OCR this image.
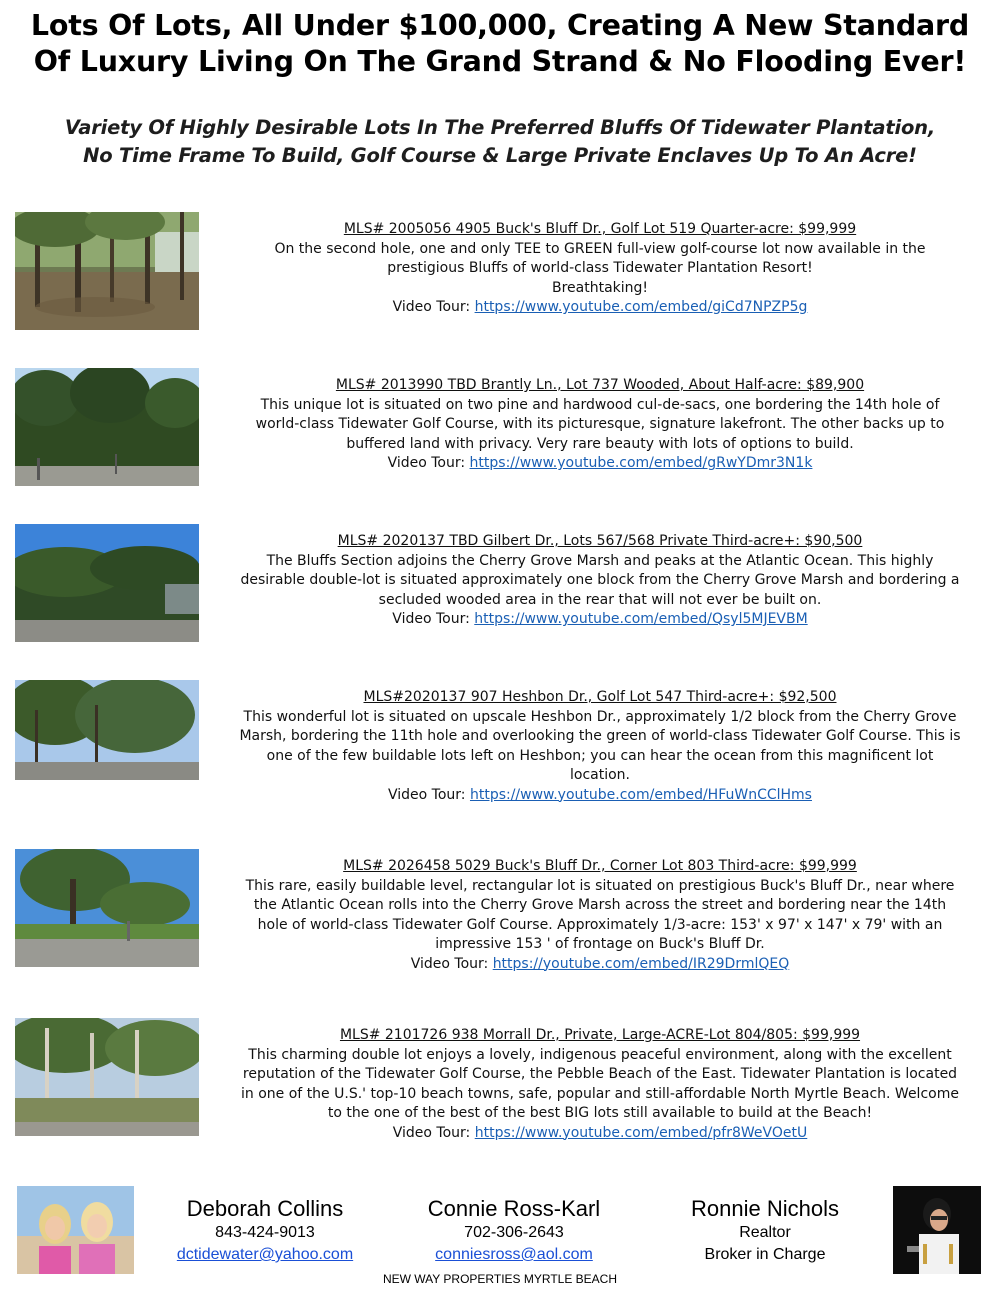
Lots Of Lots, All Under $100,000, Creating A New Standard
Of Luxury Living On The Grand Strand & No Flooding Ever!
Variety Of Highly Desirable Lots In The Preferred Bluffs Of Tidewater Plantation,
No Time Frame To Build, Golf Course & Large Private Enclaves Up To An Acre!
MLS# 2005056 4905 Buck's Bluff Dr., Golf Lot 519 Quarter-acre: $99,999
On the second hole, one and only TEE to GREEN full-view golf-course lot now available in the
prestigious Bluffs of world-class Tidewater Plantation Resort!
Breathtaking!
Video Tour: https://www.youtube.com/embed/giCd7NPZP5g
MLS# 2013990 TBD Brantly Ln., Lot 737 Wooded, About Half-acre: $89,900
This unique lot is situated on two pine and hardwood cul-de-sacs, one bordering the 14th hole of
world-class Tidewater Golf Course, with its picturesque, signature lakefront. The other backs up to
buffered land with privacy. Very rare beauty with lots of options to build.
Video Tour: https://www.youtube.com/embed/gRwYDmr3N1k
MLS# 2020137 TBD Gilbert Dr., Lots 567/568 Private Third-acre+: $90,500
The Bluffs Section adjoins the Cherry Grove Marsh and peaks at the Atlantic Ocean. This highly
desirable double-lot is situated approximately one block from the Cherry Grove Marsh and bordering a
secluded wooded area in the rear that will not ever be built on.
Video Tour: https://www.youtube.com/embed/Qsyl5MJEVBM
MLS#2020137 907 Heshbon Dr., Golf Lot 547 Third-acre+: $92,500
This wonderful lot is situated on upscale Heshbon Dr., approximately 1/2 block from the Cherry Grove
Marsh, bordering the 11th hole and overlooking the green of world-class Tidewater Golf Course. This is
one of the few buildable lots left on Heshbon; you can hear the ocean from this magnificent lot
location.
Video Tour: https://www.youtube.com/embed/HFuWnCClHms
MLS# 2026458 5029 Buck's Bluff Dr., Corner Lot 803 Third-acre: $99,999
This rare, easily buildable level, rectangular lot is situated on prestigious Buck's Bluff Dr., near where
the Atlantic Ocean rolls into the Cherry Grove Marsh across the street and bordering near the 14th
hole of world-class Tidewater Golf Course. Approximately 1/3-acre: 153' x 97' x 147' x 79' with an
impressive 153 ' of frontage on Buck's Bluff Dr.
Video Tour: https://youtube.com/embed/IR29DrmlQEQ
MLS# 2101726 938 Morrall Dr., Private, Large-ACRE-Lot 804/805: $99,999
This charming double lot enjoys a lovely, indigenous peaceful environment, along with the excellent
reputation of the Tidewater Golf Course, the Pebble Beach of the East. Tidewater Plantation is located
in one of the U.S.' top-10 beach towns, safe, popular and still-affordable North Myrtle Beach. Welcome
to the one of the best of the best BIG lots still available to build at the Beach!
Video Tour: https://www.youtube.com/embed/pfr8WeVOetU
Deborah Collins
843-424-9013
dctidewater@yahoo.com
Connie Ross-Karl
702-306-2643
conniesross@aol.com
Ronnie Nichols
Realtor
Broker in Charge
NEW WAY PROPERTIES MYRTLE BEACH
